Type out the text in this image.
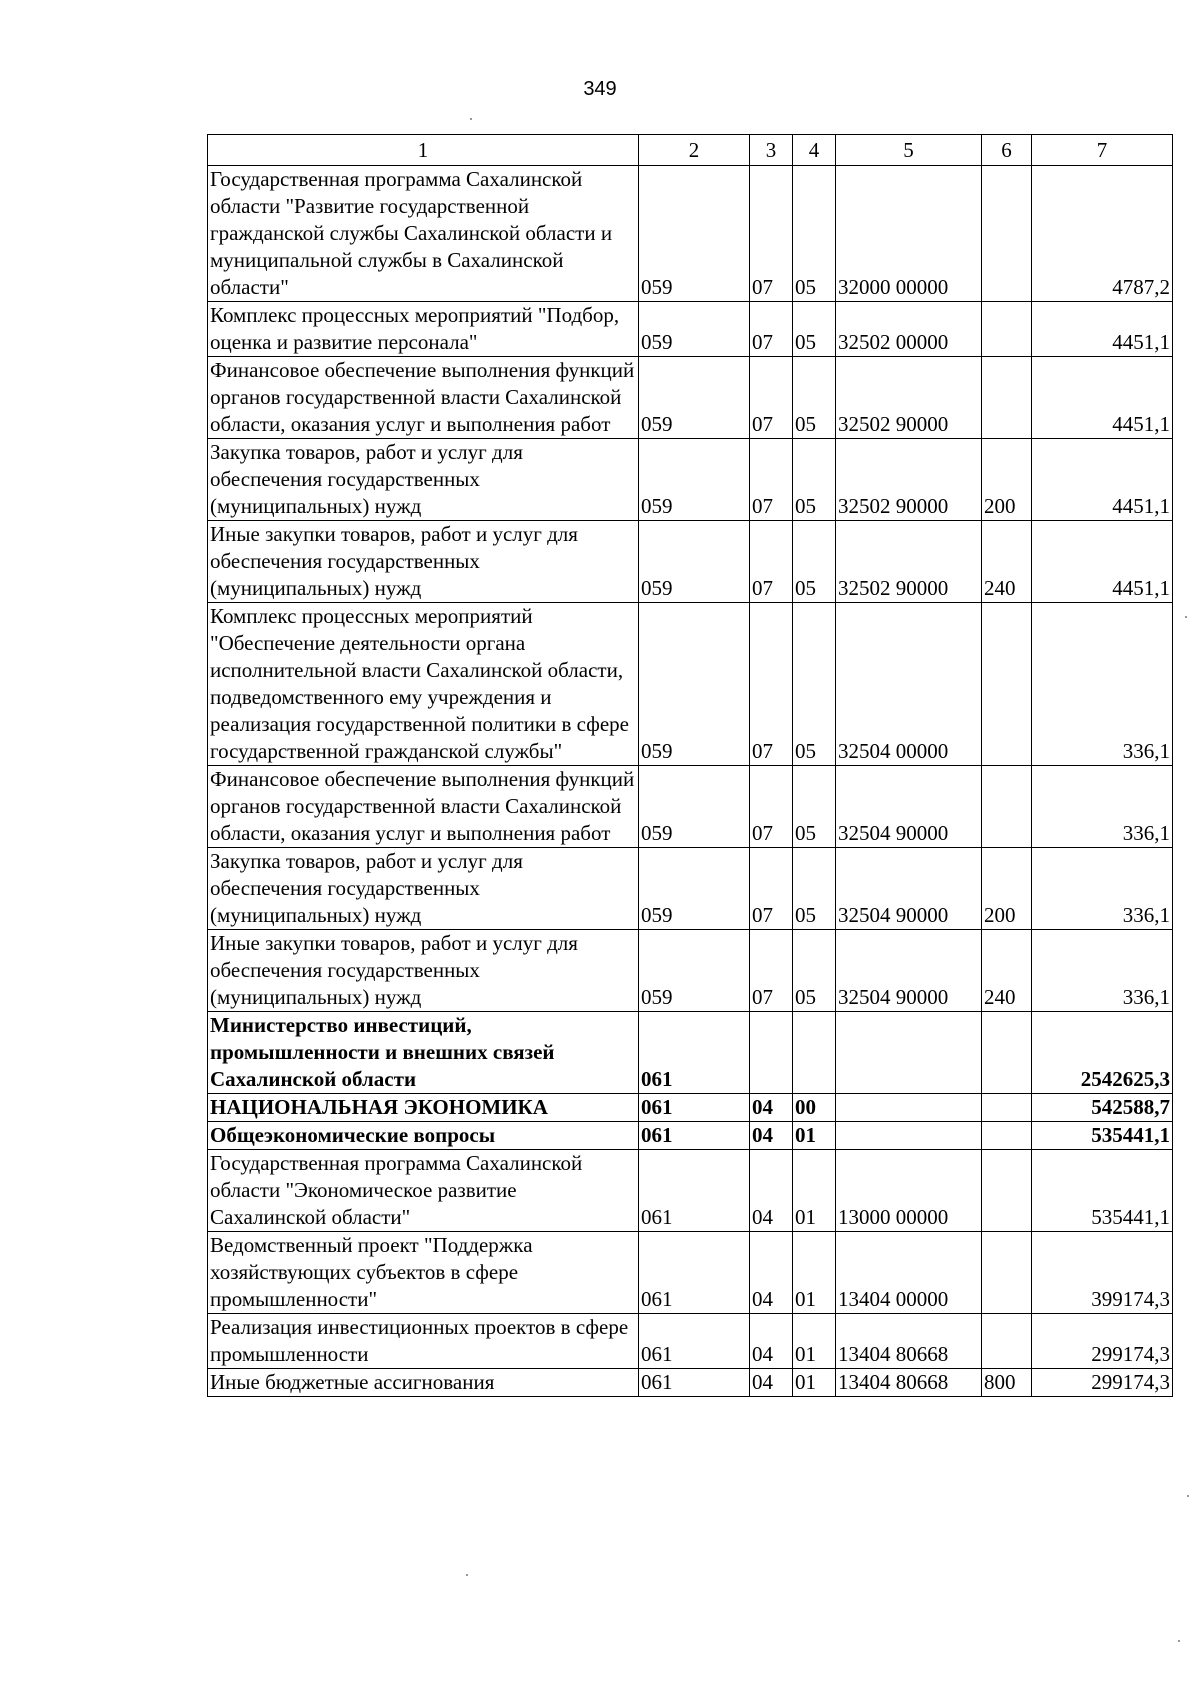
349
1	2	3	4	5	6	7
Государственная программа Сахалинской области "Развитие государственной гражданской службы Сахалинской области и муниципальной службы в Сахалинской области"	059	07	05	32000 00000		4787,2
Комплекс процессных мероприятий "Подбор, оценка и развитие персонала"	059	07	05	32502 00000		4451,1
Финансовое обеспечение выполнения функций органов государственной власти Сахалинской области, оказания услуг и выполнения работ	059	07	05	32502 90000		4451,1
Закупка товаров, работ и услуг для обеспечения государственных (муниципальных) нужд	059	07	05	32502 90000	200	4451,1
Иные закупки товаров, работ и услуг для обеспечения государственных (муниципальных) нужд	059	07	05	32502 90000	240	4451,1
Комплекс процессных мероприятий "Обеспечение деятельности органа исполнительной власти Сахалинской области, подведомственного ему учреждения и реализация государственной политики в сфере государственной гражданской службы"	059	07	05	32504 00000		336,1
Финансовое обеспечение выполнения функций органов государственной власти Сахалинской области, оказания услуг и выполнения работ	059	07	05	32504 90000		336,1
Закупка товаров, работ и услуг для обеспечения государственных (муниципальных) нужд	059	07	05	32504 90000	200	336,1
Иные закупки товаров, работ и услуг для обеспечения государственных (муниципальных) нужд	059	07	05	32504 90000	240	336,1
Министерство инвестиций, промышленности и внешних связей Сахалинской области	061					2542625,3
НАЦИОНАЛЬНАЯ ЭКОНОМИКА	061	04	00			542588,7
Общеэкономические вопросы	061	04	01			535441,1
Государственная программа Сахалинской области "Экономическое развитие Сахалинской области"	061	04	01	13000 00000		535441,1
Ведомственный проект "Поддержка хозяйствующих субъектов в сфере промышленности"	061	04	01	13404 00000		399174,3
Реализация инвестиционных проектов в сфере промышленности	061	04	01	13404 80668		299174,3
Иные бюджетные ассигнования	061	04	01	13404 80668	800	299174,3
